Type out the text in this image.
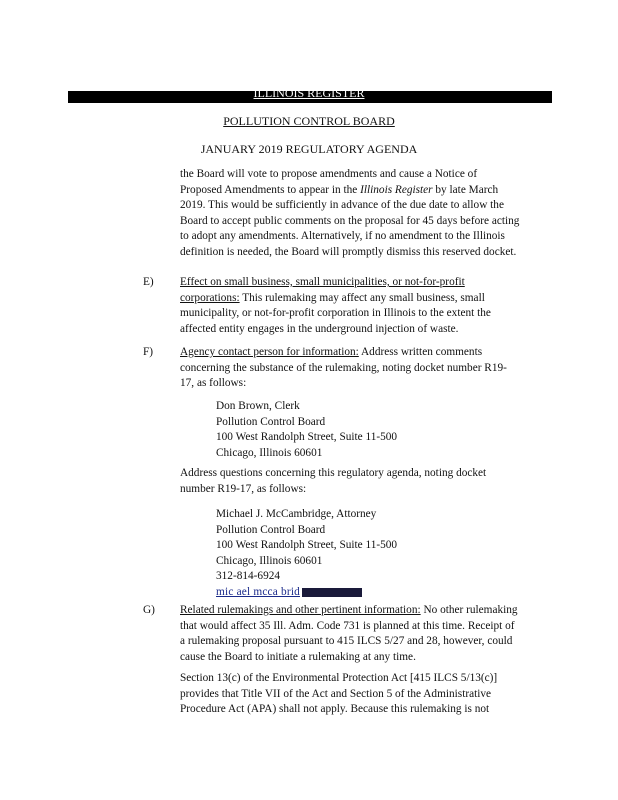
ILLINOIS REGISTER
POLLUTION CONTROL BOARD
JANUARY 2019 REGULATORY AGENDA

the Board will vote to propose amendments and cause a Notice of Proposed Amendments to appear in the Illinois Register by late March 2019. This would be sufficiently in advance of the due date to allow the Board to accept public comments on the proposal for 45 days before acting to adopt any amendments. Alternatively, if no amendment to the Illinois definition is needed, the Board will promptly dismiss this reserved docket.

E) Effect on small business, small municipalities, or not-for-profit corporations: This rulemaking may affect any small business, small municipality, or not-for-profit corporation in Illinois to the extent the affected entity engages in the underground injection of waste.

F) Agency contact person for information: Address written comments concerning the substance of the rulemaking, noting docket number R19-17, as follows:

Don Brown, Clerk
Pollution Control Board
100 West Randolph Street, Suite 11-500
Chicago, Illinois 60601

Address questions concerning this regulatory agenda, noting docket number R19-17, as follows:

Michael J. McCambridge, Attorney
Pollution Control Board
100 West Randolph Street, Suite 11-500
Chicago, Illinois 60601
312-814-6924
mic ael mcca brid
G) Related rulemakings and other pertinent information: No other rulemaking that would affect 35 Ill. Adm. Code 731 is planned at this time. Receipt of a rulemaking proposal pursuant to 415 ILCS 5/27 and 28, however, could cause the Board to initiate a rulemaking at any time.

Section 13(c) of the Environmental Protection Act [415 ILCS 5/13(c)] provides that Title VII of the Act and Section 5 of the Administrative Procedure Act (APA) shall not apply. Because this rulemaking is not
